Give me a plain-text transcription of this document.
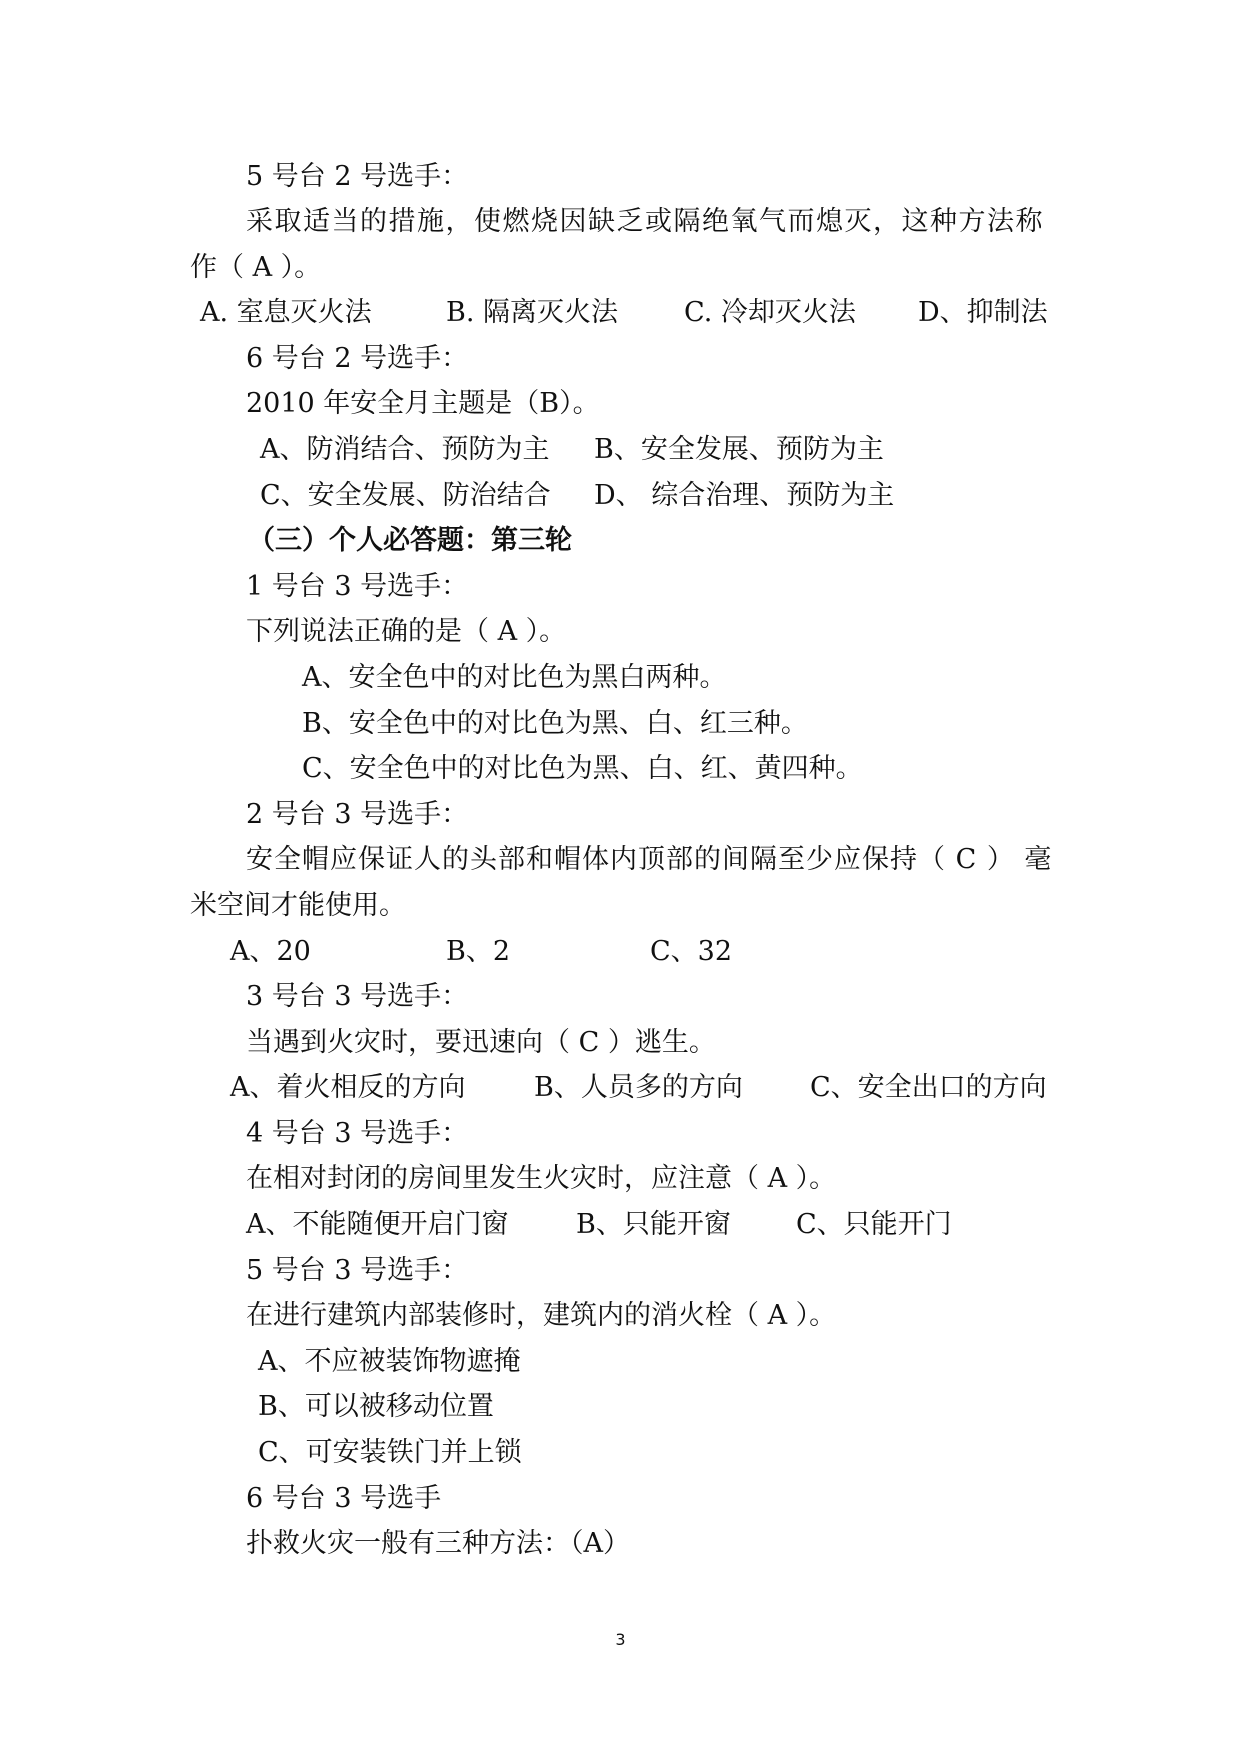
5 号台 2 号选手：
采取适当的措施，使燃烧因缺乏或隔绝氧气而熄灭，这种方法称
作（ A ）。
A. 室息灭火法	B. 隔离灭火法 C. 冷却灭火法 D、抑制法
6 号台 2 号选手：
2010 年安全月主题是（B）。
A、防消结合、预防为主 B、安全发展、预防为主
C、安全发展、防治结合 D、 综合治理、预防为主
（三）个人必答题：第三轮
1 号台 3 号选手：
下列说法正确的是（ A ）。
A、安全色中的对比色为黑白两种。
B、安全色中的对比色为黑、白、红三种。
C、安全色中的对比色为黑、白、红、黄四种。
2 号台 3 号选手：
安全帽应保证人的头部和帽体内顶部的间隔至少应保持（ C ） 毫
米空间才能使用。
A、20	B、2	C、32
3 号台 3 号选手：
当遇到火灾时，要迅速向（ C ）逃生。
A、着火相反的方向	B、人员多的方向 C、安全出口的方向
4 号台 3 号选手：
在相对封闭的房间里发生火灾时，应注意（ A ）。
A、不能随便开启门窗	B、只能开窗 C、只能开门
5 号台 3 号选手：
在进行建筑内部装修时，建筑内的消火栓（ A ）。
A、不应被装饰物遮掩
B、可以被移动位置
C、可安装铁门并上锁
6 号台 3 号选手
扑救火灾一般有三种方法：（A）
3
